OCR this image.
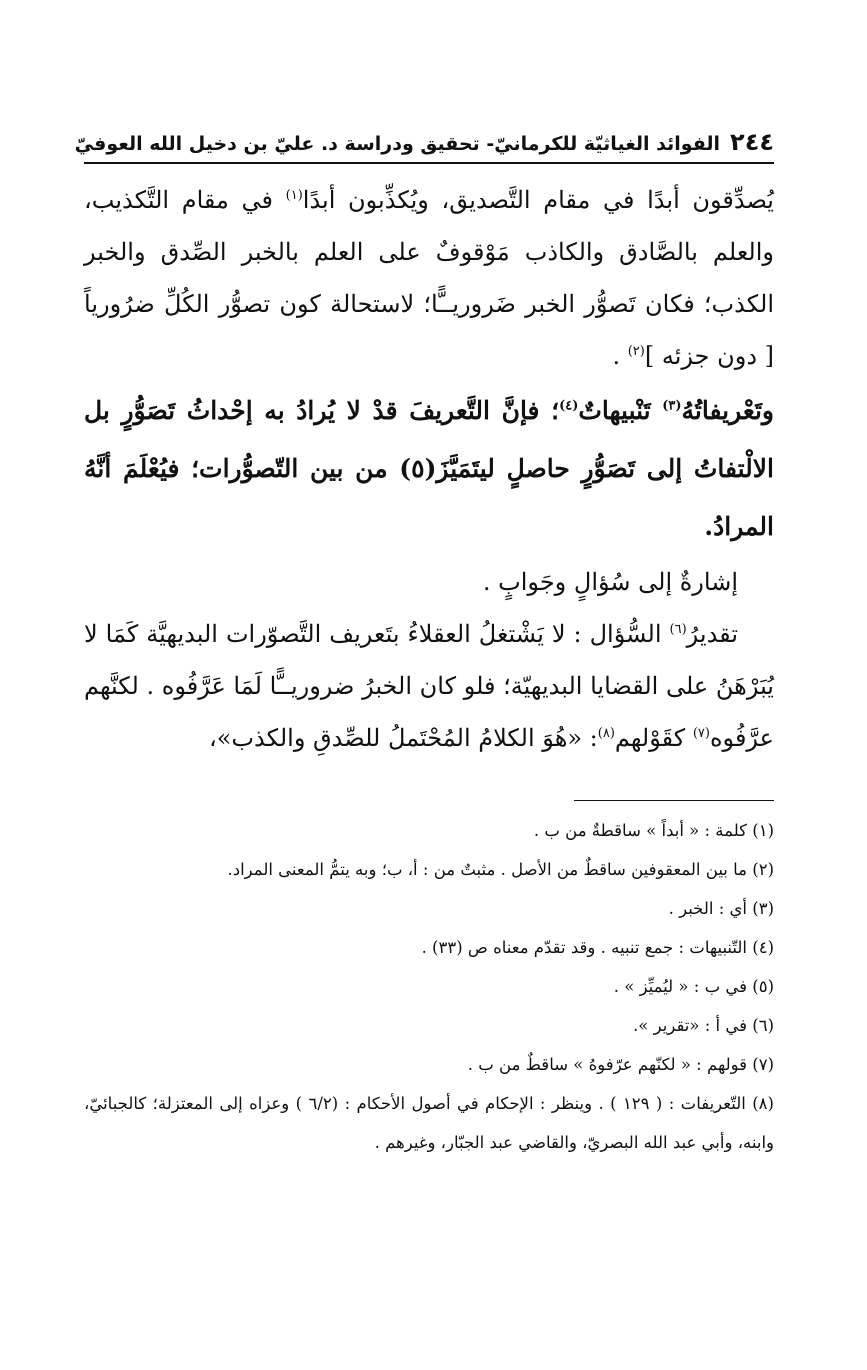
٢٤٤
الفوائد الغياثيّة للكرمانيّ- تحقيق ودراسة د. عليّ بن دخيل الله العوفيّ

يُصدِّقون أبدًا في مقام التَّصديق، ويُكذِّبون أبدًا$^{(١)}$ في مقام التَّكذيب، والعلم بالصَّادق والكاذب مَوْقوفٌ على العلم بالخبر الصِّدق والخبر الكذب؛ فكان تَصوُّر الخبر ضَروريــًّا؛ لاستحالة كون تصوُّر الكُلِّ ضرُورياً [ دون جزئه ]$^{(٢)}$ .

وتَعْريفاتُهُ$^{(٣)}$ تَنْبيهاتٌ$^{(٤)}$؛ فإنَّ التَّعريفَ قدْ لا يُرادُ به إحْداثُ تَصَوُّرٍ بل الالْتفاتُ إلى تَصَوُّرٍ حاصلٍ ليتَمَيَّزَ(٥) من بين التّصوُّرات؛ فيُعْلَمَ أنَّهُ المرادُ.

إشارةٌ إلى سُؤالٍ وجَوابٍ .

تقديرُ$^{(٦)}$ السُّؤال : لا يَشْتغلُ العقلاءُ بتَعريف التَّصوّرات البديهيَّة كَمَا لا يُبَرْهَنُ على القضايا البديهيّة؛ فلو كان الخبرُ ضروريــًّا لَمَا عَرَّفُوه . لكنَّهم عرَّفُوه$^{(٧)}$ كقَوْلهم$^{(٨)}$: «هُوَ الكلامُ المُحْتَملُ للصِّدقِ والكذب»،

(١) كلمة : « أبداً » ساقطةٌ من ب .

(٢) ما بين المعقوفين ساقطٌ من الأصل . مثبتٌ من : أ، ب؛ وبه يتمُّ المعنى المراد.

(٣) أي : الخبر .

(٤) التّنبيهات : جمع تنبيه . وقد تقدّم معناه ص (٣٣) .

(٥) في ب : « ليُميِّز » .

(٦) في أ : «تقرير ».

(٧) قولهم : « لكنّهم عرّفوهُ » ساقطٌ من ب .

(٨) التّعريفات : ( ١٢٩ ) . وينظر : الإحكام في أصول الأحكام : (٦/٢ ) وعزاه إلى المعتزلة؛ كالجبائيّ، وابنه، وأبي عبد الله البصريّ، والقاضي عبد الجبّار، وغيرهم .
